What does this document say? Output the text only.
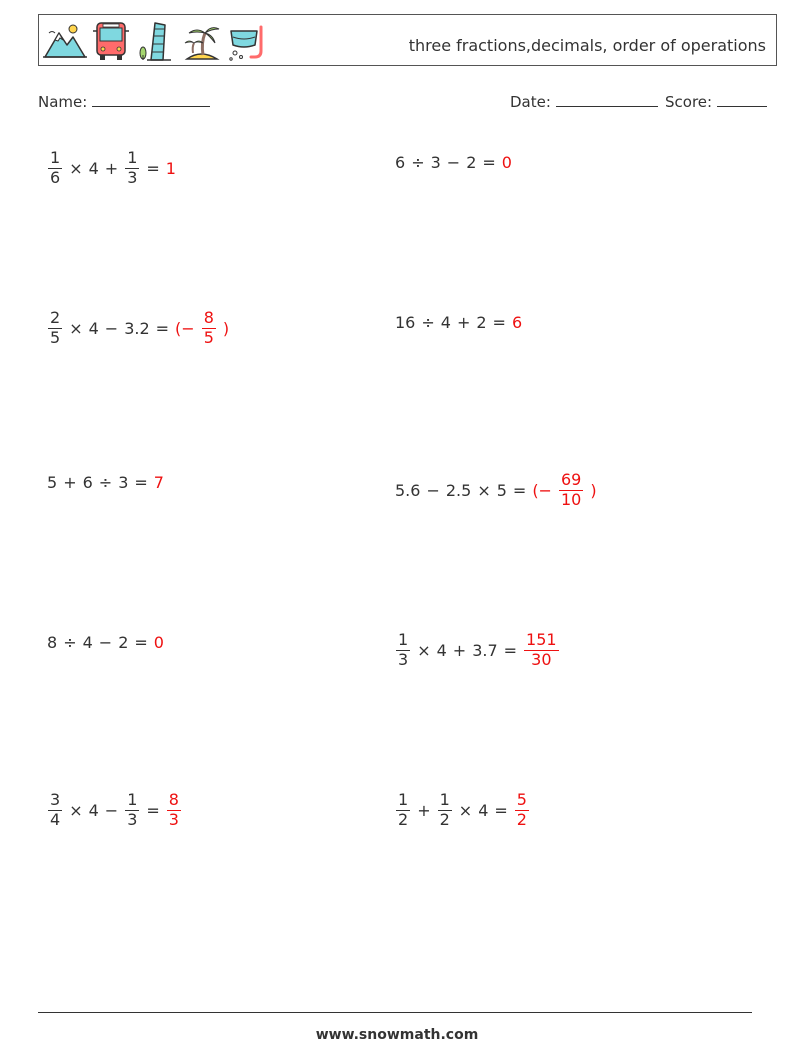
three fractions,decimals, order of operations
Name:	Date:	Score:
$\frac{1}{6} \times 4 + \frac{1}{3} = 1$	6 ÷ 3 − 2 = 0
$\frac{2}{5} \times 4 - 3.2$ = (− $\frac{8}{5}$ )	16 ÷ 4 + 2 = 6
5 + 6 ÷ 3 = 7	5.6 − 2.5 × 5 = (− $\frac{69}{10}$ )
8 ÷ 4 − 2 = 0	$\frac{1}{3} \times 4 + 3.7 = \frac{151}{30}$
$\frac{3}{4} \times 4 - \frac{1}{3} = \frac{8}{3}$	$\frac{1}{2} + \frac{1}{2} \times 4 = \frac{5}{2}$
www.snowmath.com
